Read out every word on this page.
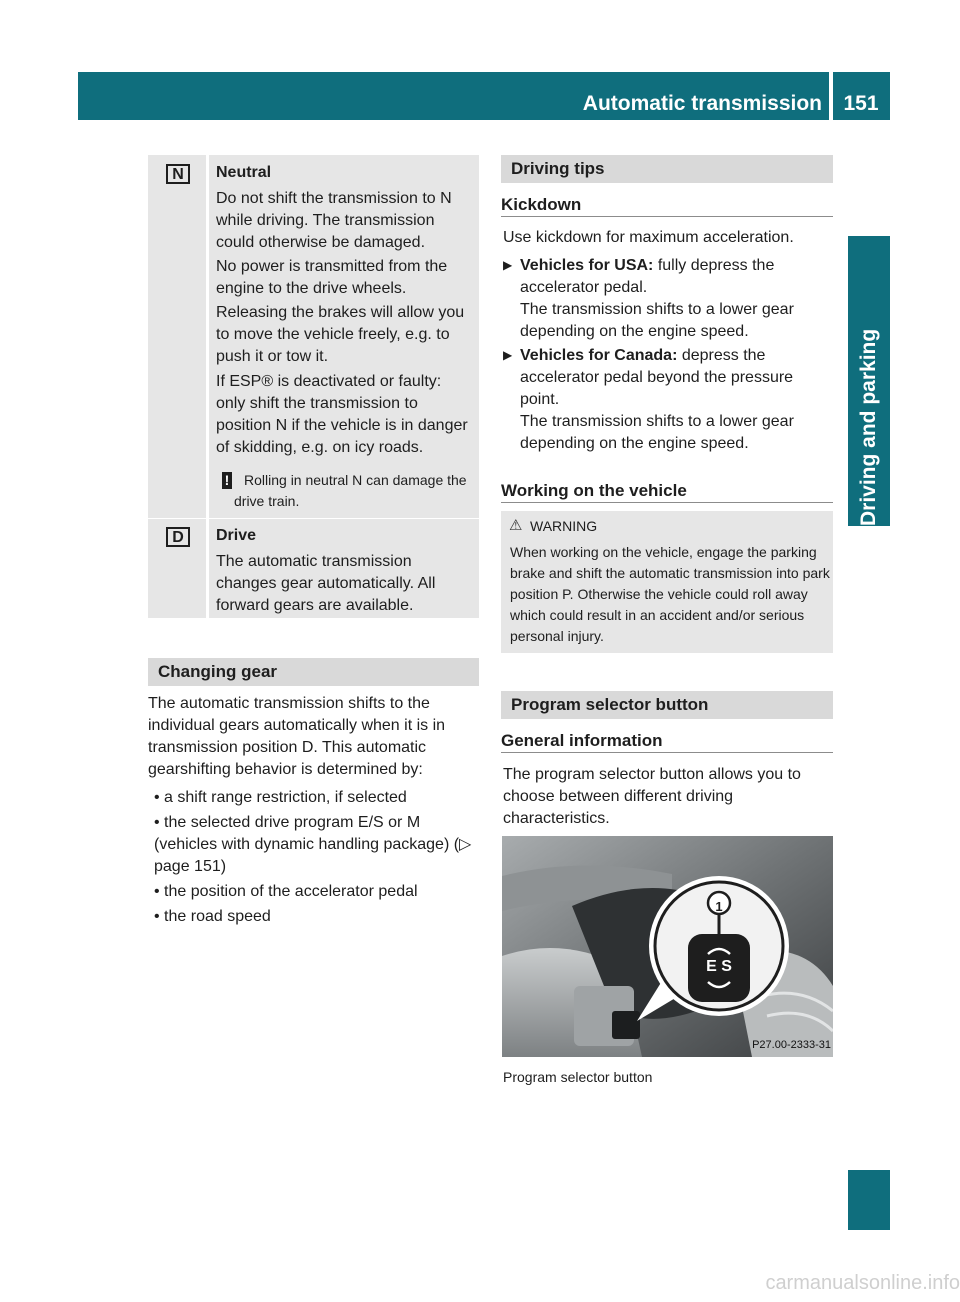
Automatic transmission	151
Driving and parking
N	Neutral
Do not shift the transmission to N while driving. The transmission could otherwise be damaged.
No power is transmitted from the engine to the drive wheels.
Releasing the brakes will allow you to move the vehicle freely, e.g. to push it or tow it.
If ESP® is deactivated or faulty: only shift the transmission to position N if the vehicle is in danger of skidding, e.g. on icy roads.
!	Rolling in neutral N can damage the drive train.
D	Drive
The automatic transmission changes gear automatically. All forward gears are available.
Changing gear
The automatic transmission shifts to the individual gears automatically when it is in transmission position D. This automatic gearshifting behavior is determined by:
• a shift range restriction, if selected
• the selected drive program E/S or M (vehicles with dynamic handling package) (▷ page 151)
• the position of the accelerator pedal
• the road speed
Driving tips
Kickdown
Use kickdown for maximum acceleration.
▶ Vehicles for USA: fully depress the accelerator pedal.
The transmission shifts to a lower gear depending on the engine speed.
▶ Vehicles for Canada: depress the accelerator pedal beyond the pressure point.
The transmission shifts to a lower gear depending on the engine speed.
Working on the vehicle
⚠ WARNING
When working on the vehicle, engage the parking brake and shift the automatic transmission into park position P. Otherwise the vehicle could roll away which could result in an accident and/or serious personal injury.
Program selector button
General information
The program selector button allows you to choose between different driving characteristics.
1
E S
P27.00-2333-31
Program selector button
carmanualsonline.info
